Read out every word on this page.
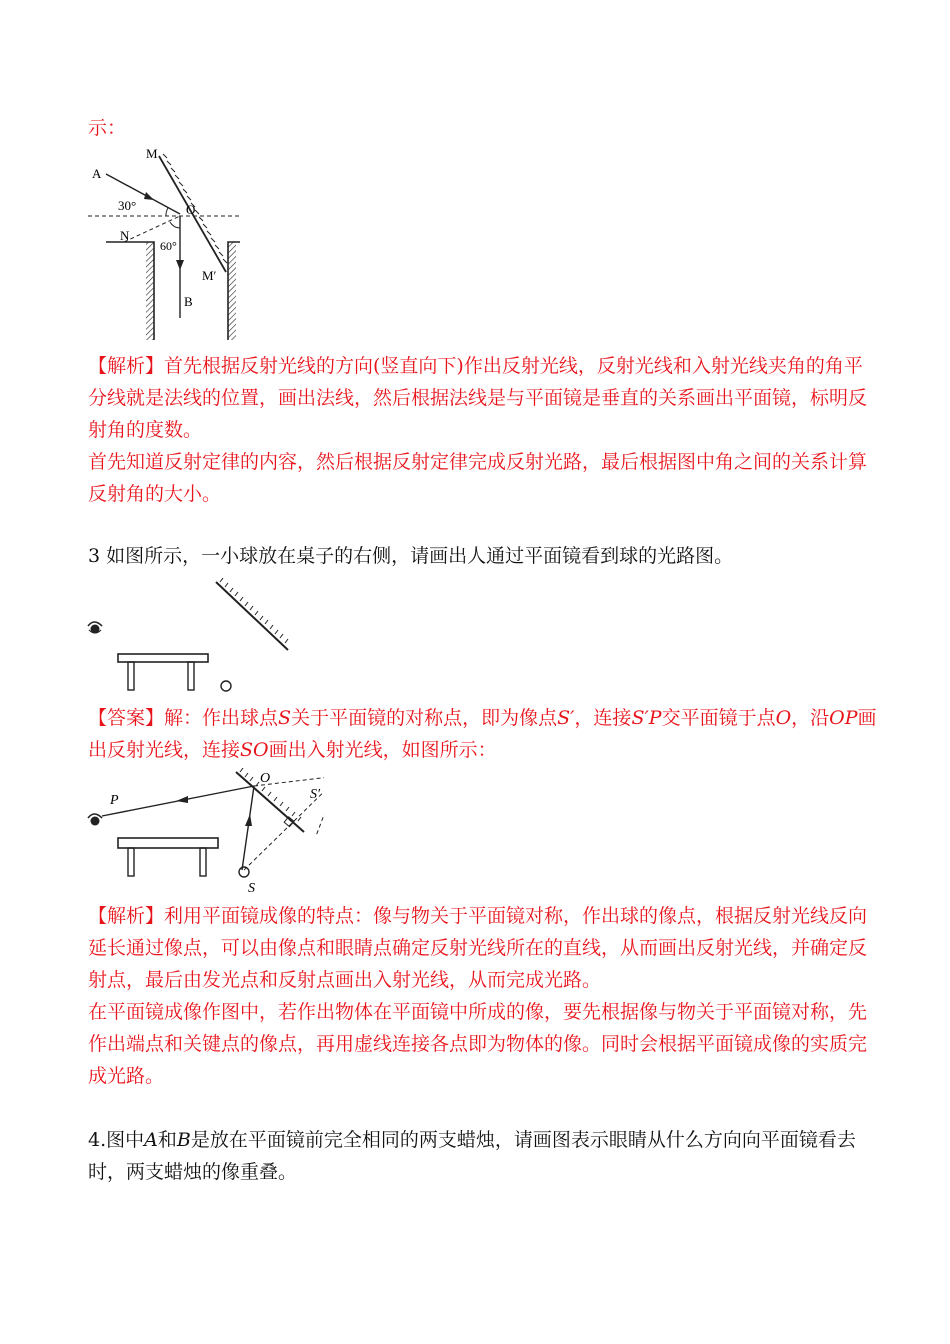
示：

A
M
O
N
M′
B
30°
60°

【解析】首先根据反射光线的方向(竖直向下)作出反射光线，反射光线和入射光线夹角的角平分线就是法线的位置，画出法线，然后根据法线是与平面镜是垂直的关系画出平面镜，标明反射角的度数。

首先知道反射定律的内容，然后根据反射定律完成反射光路，最后根据图中角之间的关系计算反射角的大小。

3 如图所示，一小球放在桌子的右侧，请画出人通过平面镜看到球的光路图。

【答案】解：作出球点S关于平面镜的对称点，即为像点S′，连接S′P交平面镜于点O，沿OP画出反射光线，连接SO画出入射光线，如图所示：

P
O
S′
S

【解析】利用平面镜成像的特点：像与物关于平面镜对称，作出球的像点，根据反射光线反向延长通过像点，可以由像点和眼睛点确定反射光线所在的直线，从而画出反射光线，并确定反射点，最后由发光点和反射点画出入射光线，从而完成光路。

在平面镜成像作图中，若作出物体在平面镜中所成的像，要先根据像与物关于平面镜对称，先作出端点和关键点的像点，再用虚线连接各点即为物体的像。同时会根据平面镜成像的实质完成光路。

4.图中A和B是放在平面镜前完全相同的两支蜡烛，请画图表示眼睛从什么方向向平面镜看去时，两支蜡烛的像重叠。
